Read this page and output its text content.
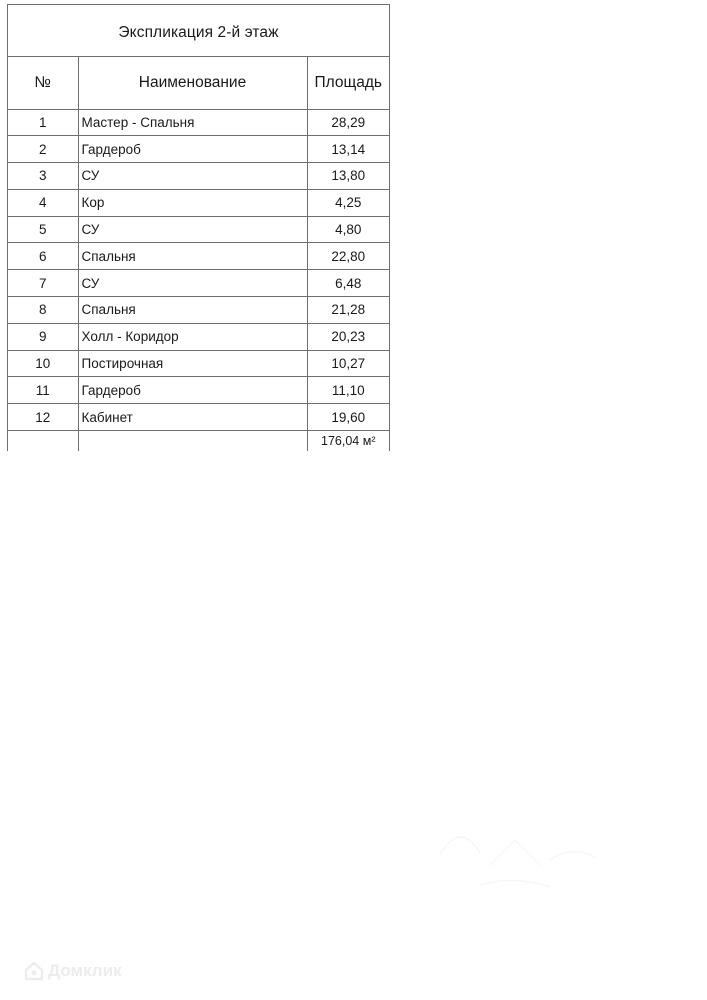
Экспликация 2-й этаж
№	Наименование	Площадь
1	Мастер - Спальня	28,29
2	Гардероб	13,14
3	СУ	13,80
4	Кор	4,25
5	СУ	4,80
6	Спальня	22,80
7	СУ	6,48
8	Спальня	21,28
9	Холл - Коридор	20,23
10	Постирочная	10,27
11	Гардероб	11,10
12	Кабинет	19,60
		176,04 м²
Домклик
